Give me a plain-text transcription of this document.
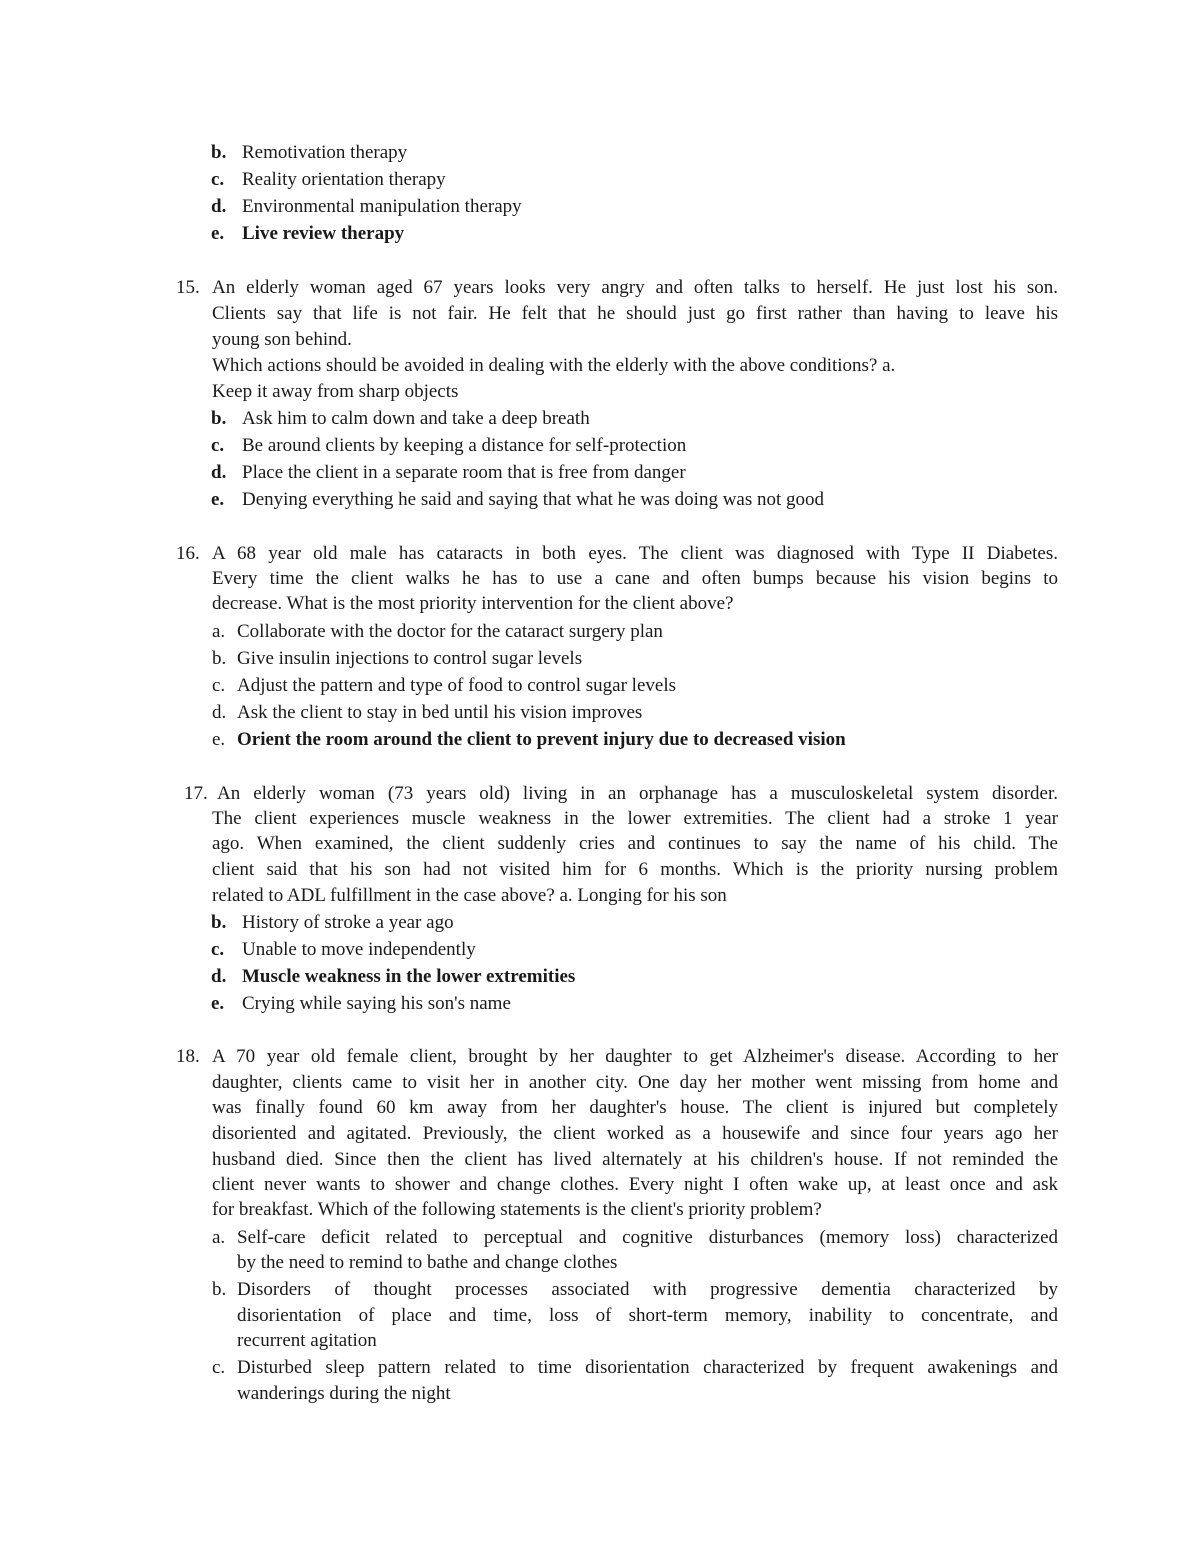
b. Remotivation therapy
c. Reality orientation therapy
d. Environmental manipulation therapy
e. Live review therapy
15. An elderly woman aged 67 years looks very angry and often talks to herself. He just lost his son.
Clients say that life is not fair. He felt that he should just go first rather than having to leave his
young son behind.
Which actions should be avoided in dealing with the elderly with the above conditions? a.
Keep it away from sharp objects
b. Ask him to calm down and take a deep breath
c. Be around clients by keeping a distance for self-protection
d. Place the client in a separate room that is free from danger
e. Denying everything he said and saying that what he was doing was not good
16. A 68 year old male has cataracts in both eyes. The client was diagnosed with Type II Diabetes.
Every time the client walks he has to use a cane and often bumps because his vision begins to
decrease. What is the most priority intervention for the client above?
a. Collaborate with the doctor for the cataract surgery plan
b. Give insulin injections to control sugar levels
c. Adjust the pattern and type of food to control sugar levels
d. Ask the client to stay in bed until his vision improves
e. Orient the room around the client to prevent injury due to decreased vision
17. An elderly woman (73 years old) living in an orphanage has a musculoskeletal system disorder.
The client experiences muscle weakness in the lower extremities. The client had a stroke 1 year
ago. When examined, the client suddenly cries and continues to say the name of his child. The
client said that his son had not visited him for 6 months. Which is the priority nursing problem
related to ADL fulfillment in the case above? a. Longing for his son
b. History of stroke a year ago
c. Unable to move independently
d. Muscle weakness in the lower extremities
e. Crying while saying his son's name
18. A 70 year old female client, brought by her daughter to get Alzheimer's disease. According to her
daughter, clients came to visit her in another city. One day her mother went missing from home and
was finally found 60 km away from her daughter's house. The client is injured but completely
disoriented and agitated. Previously, the client worked as a housewife and since four years ago her
husband died. Since then the client has lived alternately at his children's house. If not reminded the
client never wants to shower and change clothes. Every night I often wake up, at least once and ask
for breakfast. Which of the following statements is the client's priority problem?
a. Self-care deficit related to perceptual and cognitive disturbances (memory loss) characterized
by the need to remind to bathe and change clothes
b. Disorders of thought processes associated with progressive dementia characterized by
disorientation of place and time, loss of short-term memory, inability to concentrate, and
recurrent agitation
c. Disturbed sleep pattern related to time disorientation characterized by frequent awakenings and
wanderings during the night
